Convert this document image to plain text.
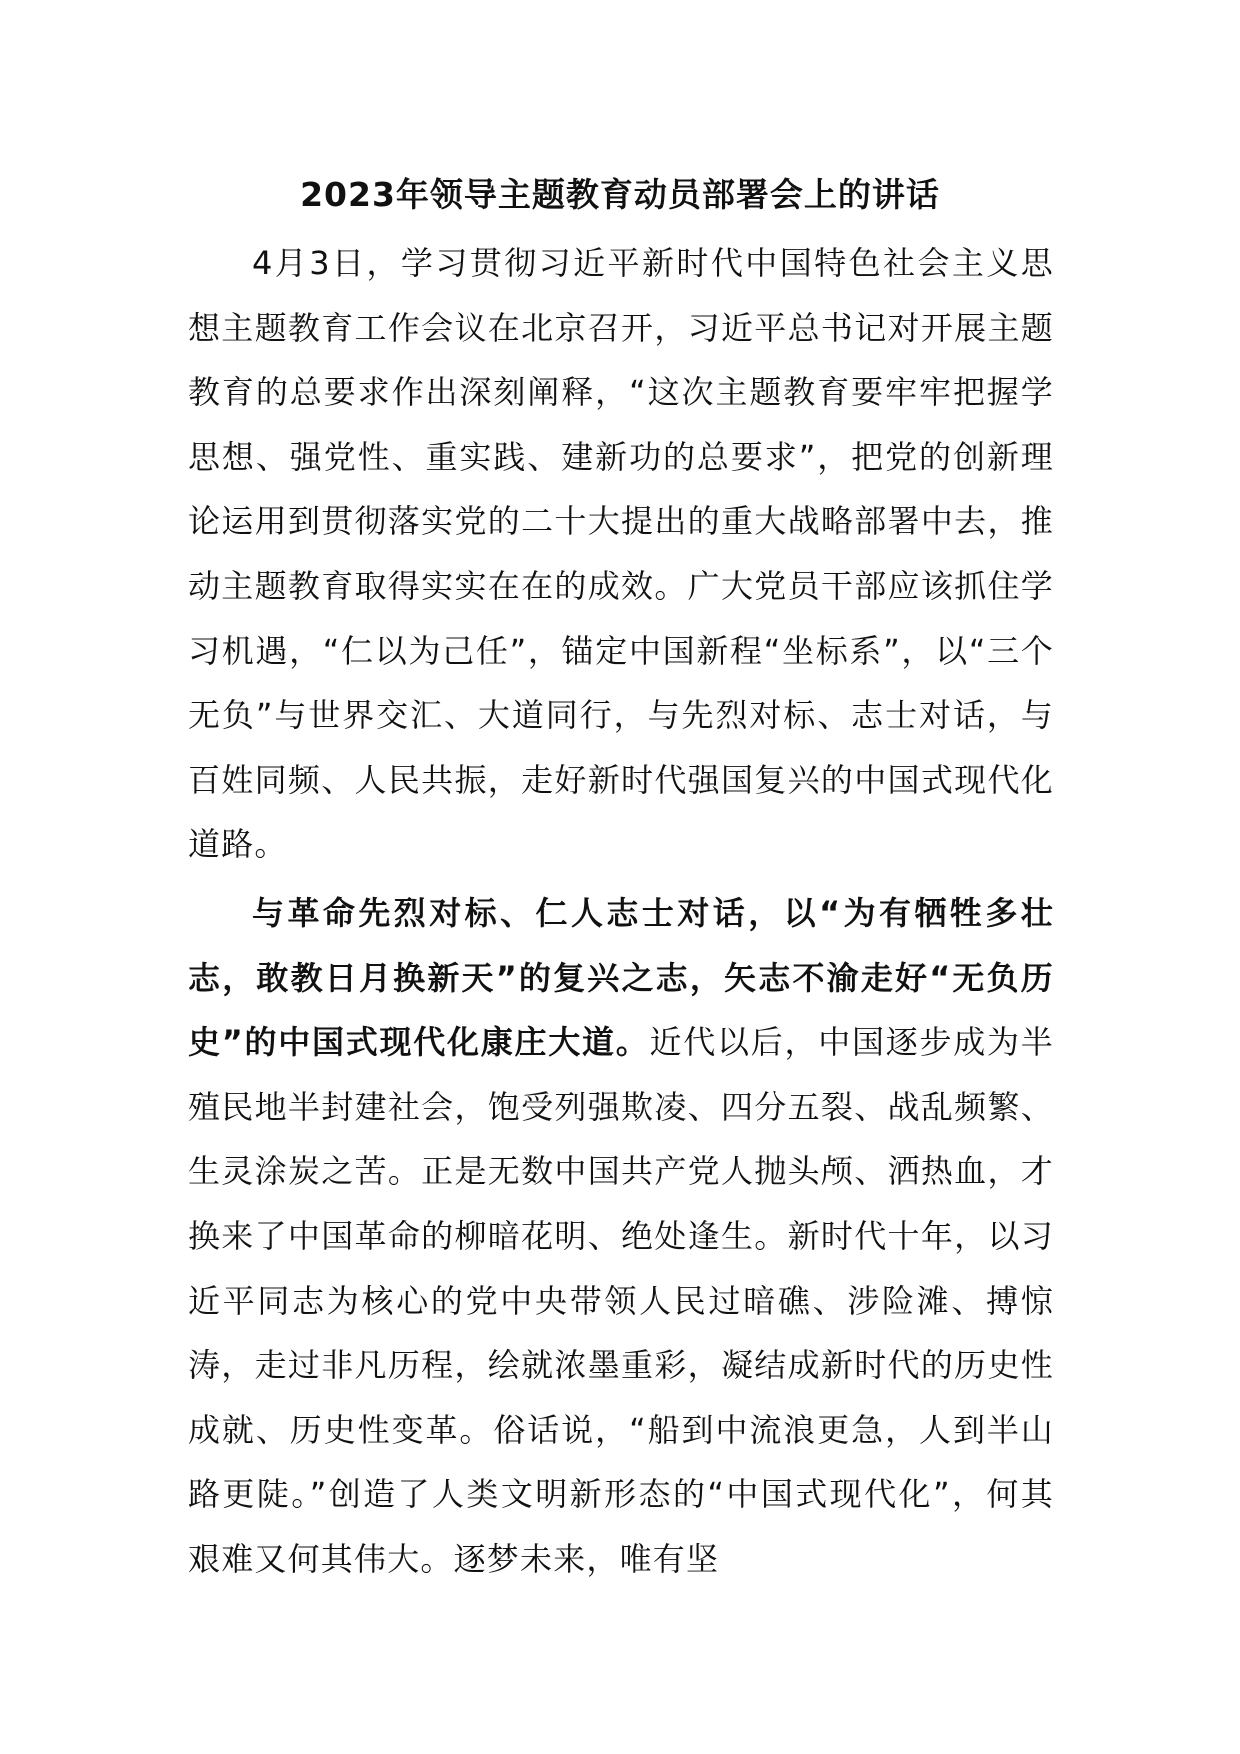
2023年领导主题教育动员部署会上的讲话

4月3日，学习贯彻习近平新时代中国特色社会主义思想主题教育工作会议在北京召开，习近平总书记对开展主题教育的总要求作出深刻阐释，“这次主题教育要牢牢把握学思想、强党性、重实践、建新功的总要求”，把党的创新理论运用到贯彻落实党的二十大提出的重大战略部署中去，推动主题教育取得实实在在的成效。广大党员干部应该抓住学习机遇，“仁以为己任”，锚定中国新程“坐标系”，以“三个无负”与世界交汇、大道同行，与先烈对标、志士对话，与百姓同频、人民共振，走好新时代强国复兴的中国式现代化道路。

与革命先烈对标、仁人志士对话，以“为有牺牲多壮志，敢教日月换新天”的复兴之志，矢志不渝走好“无负历史”的中国式现代化康庄大道。近代以后，中国逐步成为半殖民地半封建社会，饱受列强欺凌、四分五裂、战乱频繁、生灵涂炭之苦。正是无数中国共产党人抛头颅、洒热血，才换来了中国革命的柳暗花明、绝处逢生。新时代十年，以习近平同志为核心的党中央带领人民过暗礁、涉险滩、搏惊涛，走过非凡历程，绘就浓墨重彩，凝结成新时代的历史性成就、历史性变革。俗话说，“船到中流浪更急，人到半山路更陡。”创造了人类文明新形态的“中国式现代化”，何其艰难又何其伟大。逐梦未来，唯有坚
